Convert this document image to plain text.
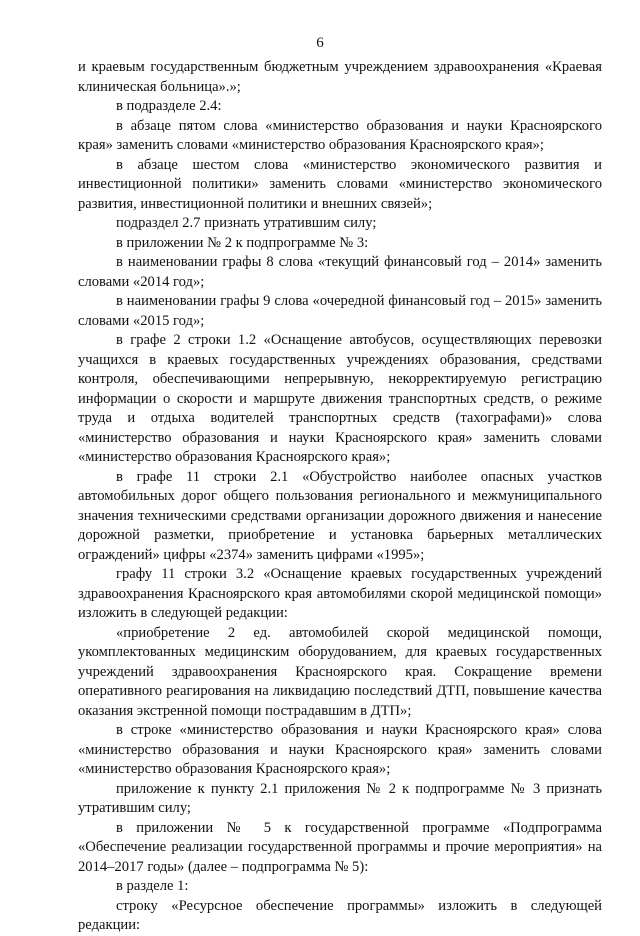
6

и краевым государственным бюджетным учреждением здравоохранения «Краевая клиническая больница».»;

в подразделе 2.4:

в абзаце пятом слова «министерство образования и науки Красноярского края» заменить словами «министерство образования Красноярского края»;

в абзаце шестом слова «министерство экономического развития и инвестиционной политики» заменить словами «министерство экономического развития, инвестиционной политики и внешних связей»;

подраздел 2.7 признать утратившим силу;

в приложении № 2 к подпрограмме № 3:

в наименовании графы 8 слова «текущий финансовый год – 2014» заменить словами «2014 год»;

в наименовании графы 9 слова «очередной финансовый год – 2015» заменить словами «2015 год»;

в графе 2 строки 1.2 «Оснащение автобусов, осуществляющих перевозки учащихся в краевых государственных учреждениях образования, средствами контроля, обеспечивающими непрерывную, некорректируемую регистрацию информации о скорости и маршруте движения транспортных средств, о режиме труда и отдыха водителей транспортных средств (тахографами)» слова «министерство образования и науки Красноярского края» заменить словами «министерство образования Красноярского края»;

в графе 11 строки 2.1 «Обустройство наиболее опасных участков автомобильных дорог общего пользования регионального и межмуниципального значения техническими средствами организации дорожного движения и нанесение дорожной разметки, приобретение и установка барьерных металлических ограждений» цифры «2374» заменить цифрами «1995»;

графу 11 строки 3.2 «Оснащение краевых государственных учреждений здравоохранения Красноярского края автомобилями скорой медицинской помощи» изложить в следующей редакции:

«приобретение 2 ед. автомобилей скорой медицинской помощи, укомплектованных медицинским оборудованием, для краевых государственных учреждений здравоохранения Красноярского края. Сокращение времени оперативного реагирования на ликвидацию последствий ДТП, повышение качества оказания экстренной помощи пострадавшим в ДТП»;

в строке «министерство образования и науки Красноярского края» слова «министерство образования и науки Красноярского края» заменить словами «министерство образования Красноярского края»;

приложение к пункту 2.1 приложения № 2 к подпрограмме № 3 признать утратившим силу;

в приложении № 5 к государственной программе «Подпрограмма «Обеспечение реализации государственной программы и прочие мероприятия» на 2014–2017 годы» (далее – подпрограмма № 5):

в разделе 1:

строку «Ресурсное обеспечение программы» изложить в следующей редакции:
